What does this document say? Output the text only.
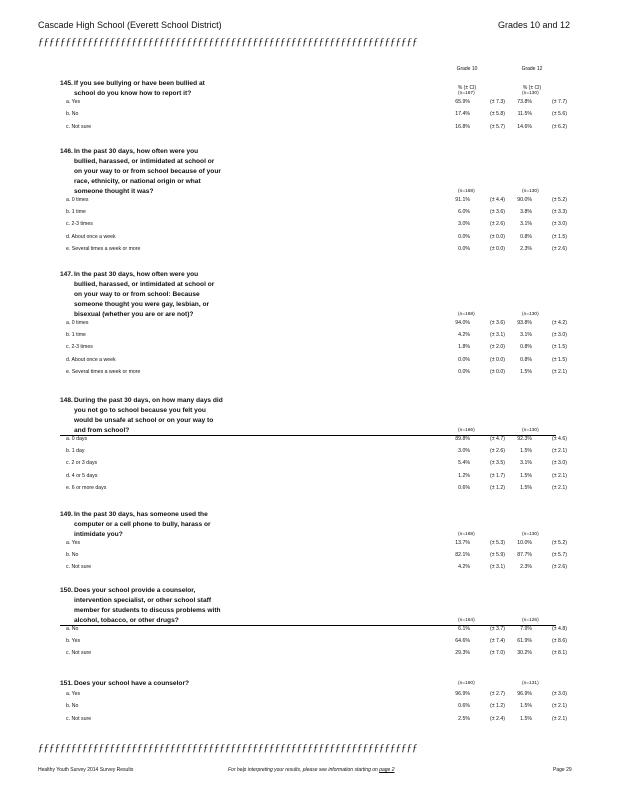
Cascade High School (Everett School District)	Grades 10 and 12
ƒƒƒƒƒƒƒƒƒƒƒƒƒƒƒƒƒƒƒƒƒƒƒƒƒƒƒƒƒƒƒƒƒƒƒƒƒƒƒƒƒƒƒƒƒƒƒƒƒƒƒƒƒƒƒƒƒƒƒƒƒƒƒƒƒƒƒƒƒ
Grade 10	Grade 12
% (± CI)	% (± CI)
145.If you see bullying or have been bullied at
school do you know how to report it?	(n=167)	(n=130)
a. Yes	65.9%	(± 7.3) 73.8%	(± 7.7)
b. No	17.4%	(± 5.8) 11.5%	(± 5.6)
c. Not sure	16.8%	(± 5.7) 14.6%	(± 6.2)
146.In the past 30 days, how often were you
bullied, harassed, or intimidated at school or
on your way to or from school because of your
race, ethnicity, or national origin or what
someone thought it was?	(n=168)	(n=130)
a. 0 times	91.1%	(± 4.4) 90.0%	(± 5.2)
b. 1 time	6.0%	(± 3.6)	3.8%	(± 3.3)
c. 2-3 times	3.0%	(± 2.6)	3.1%	(± 3.0)
d. About once a week	0.0%	(± 0.0)	0.8%	(± 1.5)
e. Several times a week or more	0.0%	(± 0.0)	2.3%	(± 2.6)
147.In the past 30 days, how often were you
bullied, harassed, or intimidated at school or
on your way to or from school: Because
someone thought you were gay, lesbian, or
bisexual (whether you are or are not)?	(n=168)	(n=130)
a. 0 times	94.0%	(± 3.6) 93.8%	(± 4.2)
b. 1 time	4.2%	(± 3.1)	3.1%	(± 3.0)
c. 2-3 times	1.8%	(± 2.0)	0.8%	(± 1.5)
d. About once a week	0.0%	(± 0.0)	0.8%	(± 1.5)
e. Several times a week or more	0.0%	(± 0.0)	1.5%	(± 2.1)
148.During the past 30 days, on how many days did
you not go to school because you felt you
would be unsafe at school or on your way to
and from school?	(n=166)	(n=130)
a. 0 days	89.8%	(± 4.7) 92.3%	(± 4.6)
b. 1 day	3.0%	(± 2.6)	1.5%	(± 2.1)
c. 2 or 3 days	5.4%	(± 3.5)	3.1%	(± 3.0)
d. 4 or 5 days	1.2%	(± 1.7)	1.5%	(± 2.1)
e. 6 or more days	0.6%	(± 1.2)	1.5%	(± 2.1)
149.In the past 30 days, has someone used the
computer or a cell phone to bully, harass or
intimidate you?	(n=168)	(n=130)
a. Yes	13.7%	(± 5.3) 10.0%	(± 5.2)
b. No	82.1%	(± 5.9) 87.7%	(± 5.7)
c. Not sure	4.2%	(± 3.1)	2.3%	(± 2.6)
150.Does your school provide a counselor,
intervention specialist, or other school staff
member for students to discuss problems with
alcohol, tobacco, or other drugs?	(n=164)	(n=126)
a. No	6.1%	(± 3.7)	7.9%	(± 4.8)
b. Yes	64.6%	(± 7.4) 61.9%	(± 8.6)
c. Not sure	29.3%	(± 7.0) 30.2%	(± 8.1)
151.Does your school have a counselor?	(n=160)	(n=131)
a. Yes	96.9%	(± 2.7) 96.9%	(± 3.0)
b. No	0.6%	(± 1.2)	1.5%	(± 2.1)
c. Not sure	2.5%	(± 2.4)	1.5%	(± 2.1)
ƒƒƒƒƒƒƒƒƒƒƒƒƒƒƒƒƒƒƒƒƒƒƒƒƒƒƒƒƒƒƒƒƒƒƒƒƒƒƒƒƒƒƒƒƒƒƒƒƒƒƒƒƒƒƒƒƒƒƒƒƒƒƒƒƒƒƒƒƒ
Healthy Youth Survey 2014 Survey Results	For help interpreting your results, please see information starting on page 2	Page 29
